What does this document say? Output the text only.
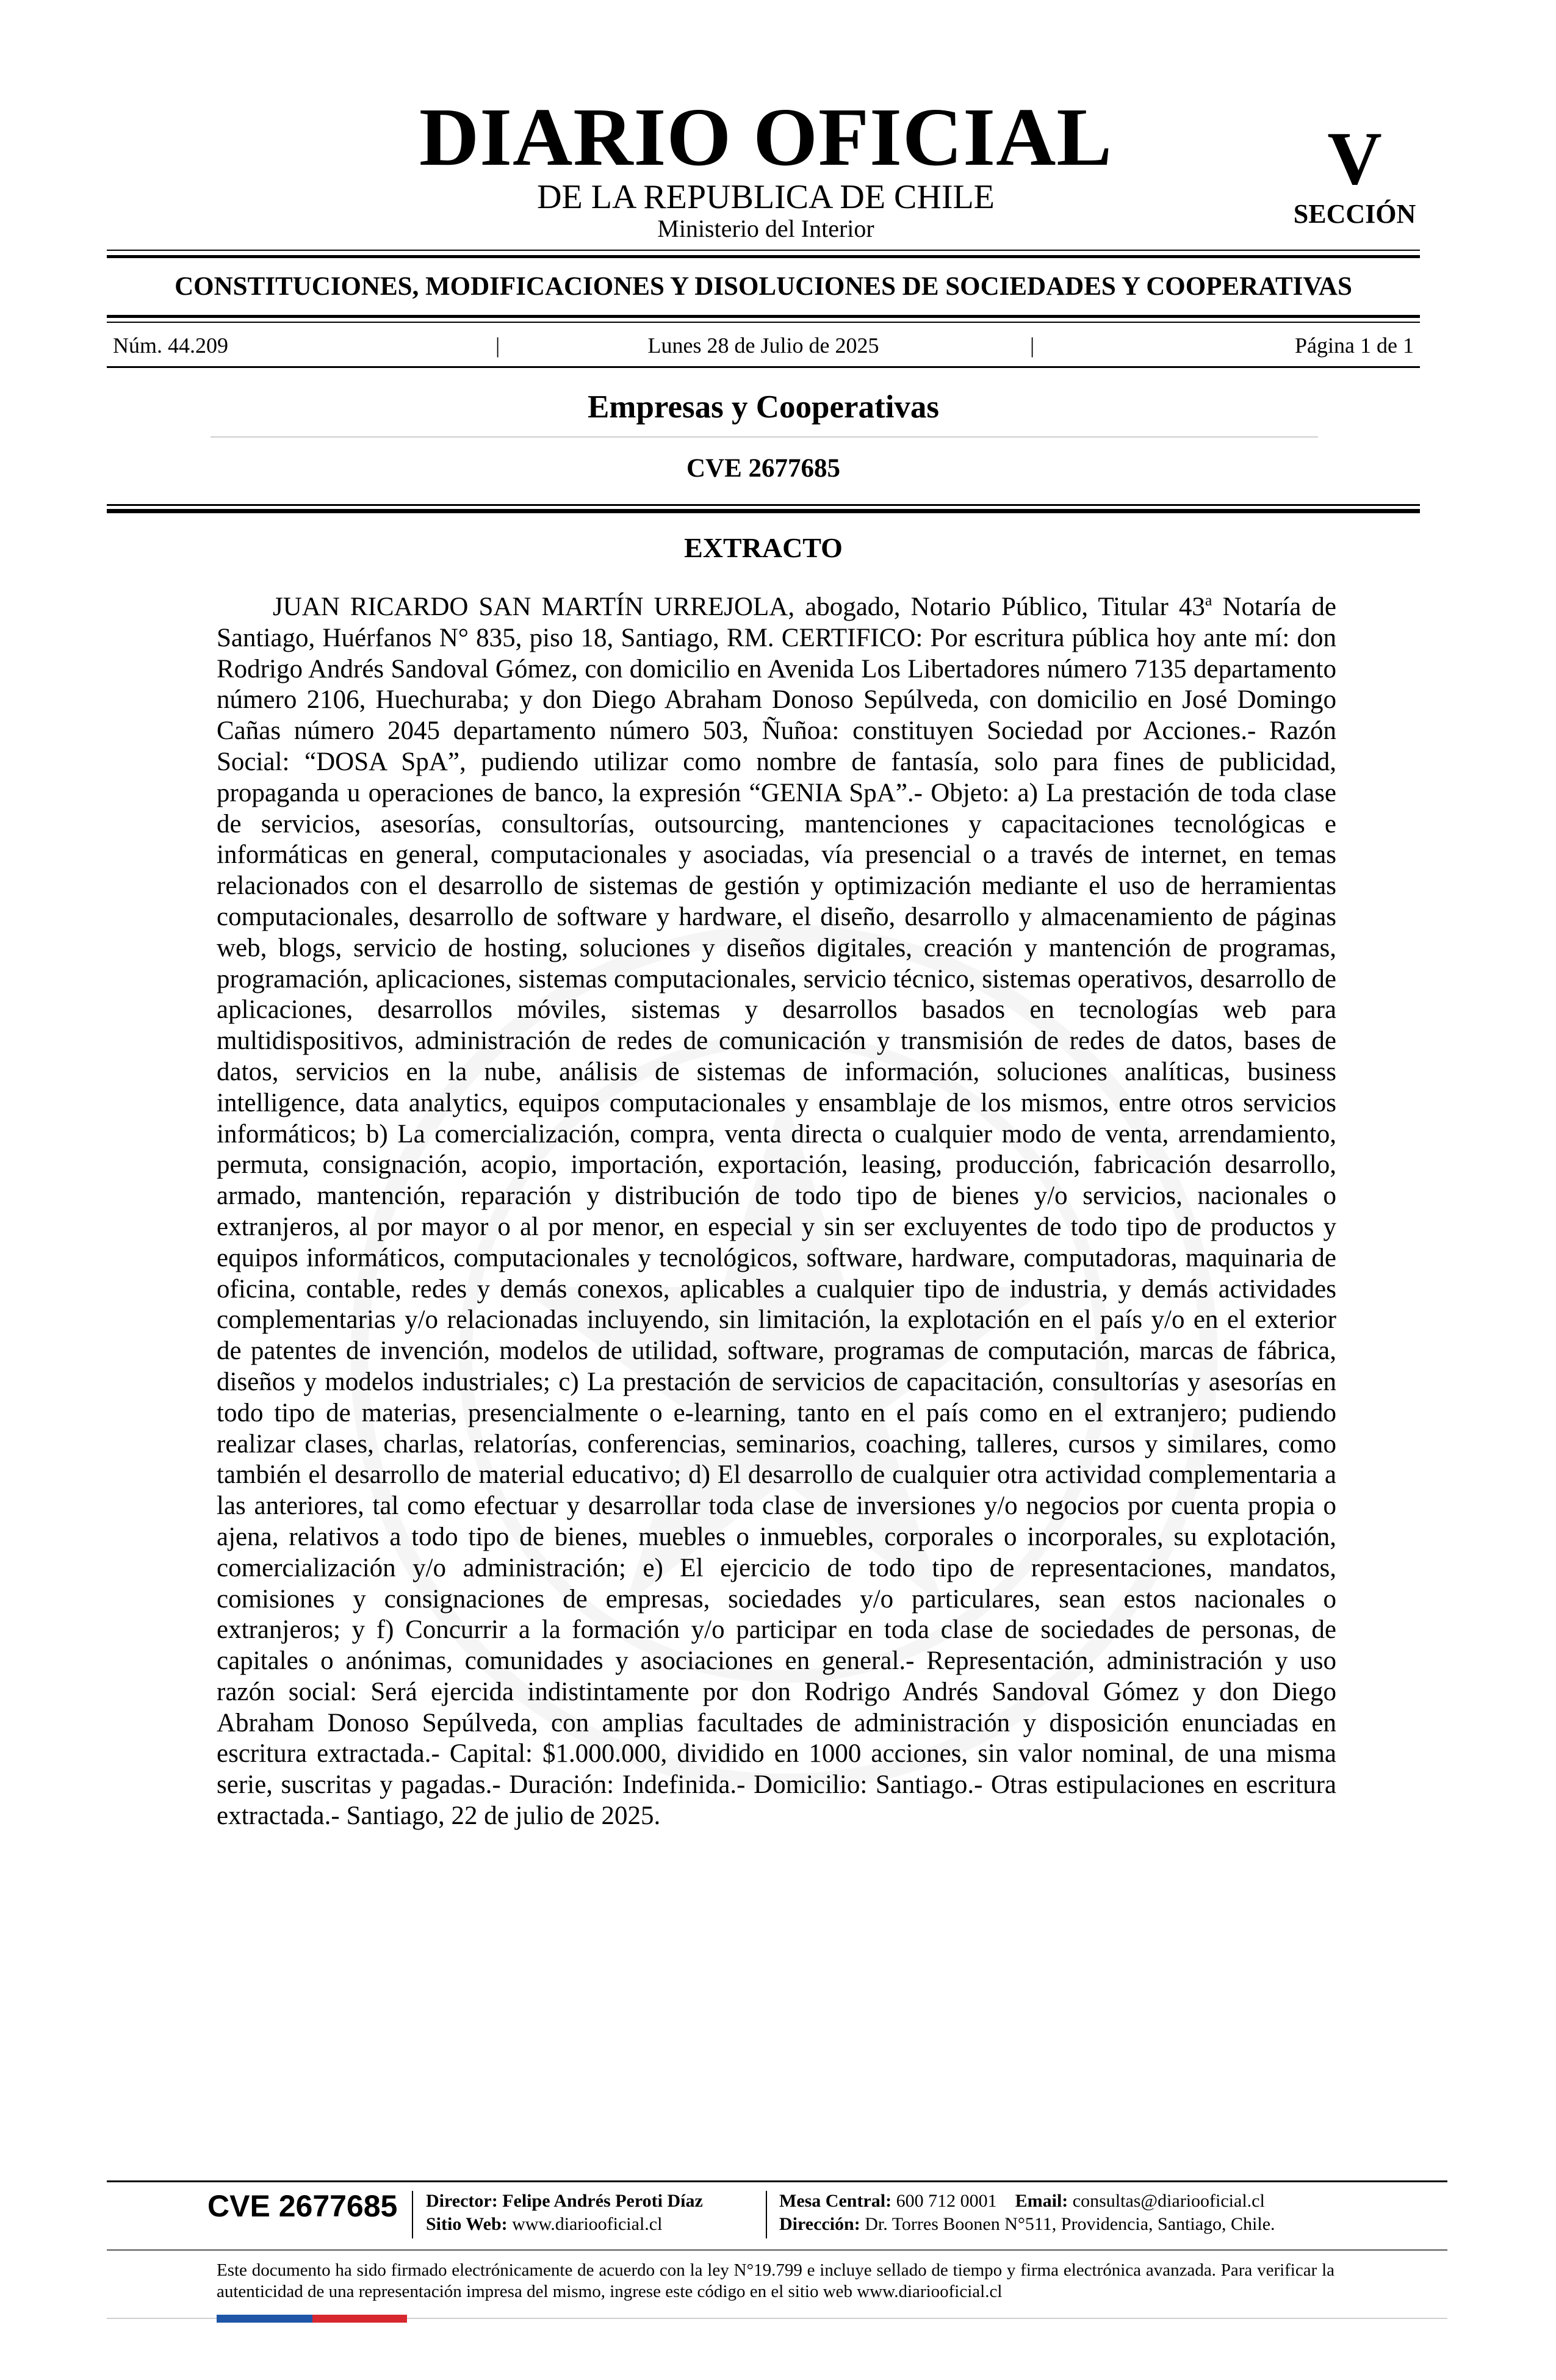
DIARIO OFICIAL
DE LA REPUBLICA DE CHILE
Ministerio del Interior
V
SECCIÓN
CONSTITUCIONES, MODIFICACIONES Y DISOLUCIONES DE SOCIEDADES Y COOPERATIVAS
Núm. 44.209	|	Lunes 28 de Julio de 2025	|	Página 1 de 1
Empresas y Cooperativas
CVE 2677685
EXTRACTO

JUAN RICARDO SAN MARTÍN URREJOLA, abogado, Notario Público, Titular 43$^a$ Notaría de Santiago, Huérfanos N° 835, piso 18, Santiago, RM. CERTIFICO: Por escritura pública hoy ante mí: don Rodrigo Andrés Sandoval Gómez, con domicilio en Avenida Los Libertadores número 7135 departamento número 2106, Huechuraba; y don Diego Abraham Donoso Sepúlveda, con domicilio en José Domingo Cañas número 2045 departamento número 503, Ñuñoa: constituyen Sociedad por Acciones.- Razón Social: “DOSA SpA”, pudiendo utilizar como nombre de fantasía, solo para fines de publicidad, propaganda u operaciones de banco, la expresión “GENIA SpA”.- Objeto: a) La prestación de toda clase de servicios, asesorías, consultorías, outsourcing, mantenciones y capacitaciones tecnológicas e informáticas en general, computacionales y asociadas, vía presencial o a través de internet, en temas relacionados con el desarrollo de sistemas de gestión y optimización mediante el uso de herramientas computacionales, desarrollo de software y hardware, el diseño, desarrollo y almacenamiento de páginas web, blogs, servicio de hosting, soluciones y diseños digitales, creación y mantención de programas, programación, aplicaciones, sistemas computacionales, servicio técnico, sistemas operativos, desarrollo de aplicaciones, desarrollos móviles, sistemas y desarrollos basados en tecnologías web para multidispositivos, administración de redes de comunicación y transmisión de redes de datos, bases de datos, servicios en la nube, análisis de sistemas de información, soluciones analíticas, business intelligence, data analytics, equipos computacionales y ensamblaje de los mismos, entre otros servicios informáticos; b) La comercialización, compra, venta directa o cualquier modo de venta, arrendamiento, permuta, consignación, acopio, importación, exportación, leasing, producción, fabricación desarrollo, armado, mantención, reparación y distribución de todo tipo de bienes y/o servicios, nacionales o extranjeros, al por mayor o al por menor, en especial y sin ser excluyentes de todo tipo de productos y equipos informáticos, computacionales y tecnológicos, software, hardware, computadoras, maquinaria de oficina, contable, redes y demás conexos, aplicables a cualquier tipo de industria, y demás actividades complementarias y/o relacionadas incluyendo, sin limitación, la explotación en el país y/o en el exterior de patentes de invención, modelos de utilidad, software, programas de computación, marcas de fábrica, diseños y modelos industriales; c) La prestación de servicios de capacitación, consultorías y asesorías en todo tipo de materias, presencialmente o e-learning, tanto en el país como en el extranjero; pudiendo realizar clases, charlas, relatorías, conferencias, seminarios, coaching, talleres, cursos y similares, como también el desarrollo de material educativo; d) El desarrollo de cualquier otra actividad complementaria a las anteriores, tal como efectuar y desarrollar toda clase de inversiones y/o negocios por cuenta propia o ajena, relativos a todo tipo de bienes, muebles o inmuebles, corporales o incorporales, su explotación, comercialización y/o administración; e) El ejercicio de todo tipo de representaciones, mandatos, comisiones y consignaciones de empresas, sociedades y/o particulares, sean estos nacionales o extranjeros; y f) Concurrir a la formación y/o participar en toda clase de sociedades de personas, de capitales o anónimas, comunidades y asociaciones en general.- Representación, administración y uso razón social: Será ejercida indistintamente por don Rodrigo Andrés Sandoval Gómez y don Diego Abraham Donoso Sepúlveda, con amplias facultades de administración y disposición enunciadas en escritura extractada.- Capital: $1.000.000, dividido en 1000 acciones, sin valor nominal, de una misma serie, suscritas y pagadas.- Duración: Indefinida.- Domicilio: Santiago.- Otras estipulaciones en escritura extractada.- Santiago, 22 de julio de 2025.

CVE 2677685 Director: Felipe Andrés Peroti Díaz
Sitio Web: www.diariooficial.cl
Mesa Central: 600 712 0001 Email: consultas@diariooficial.cl
Dirección: Dr. Torres Boonen N°511, Providencia, Santiago, Chile.
Este documento ha sido firmado electrónicamente de acuerdo con la ley N°19.799 e incluye sellado de tiempo y firma electrónica avanzada. Para verificar la autenticidad de una representación impresa del mismo, ingrese este código en el sitio web www.diariooficial.cl
